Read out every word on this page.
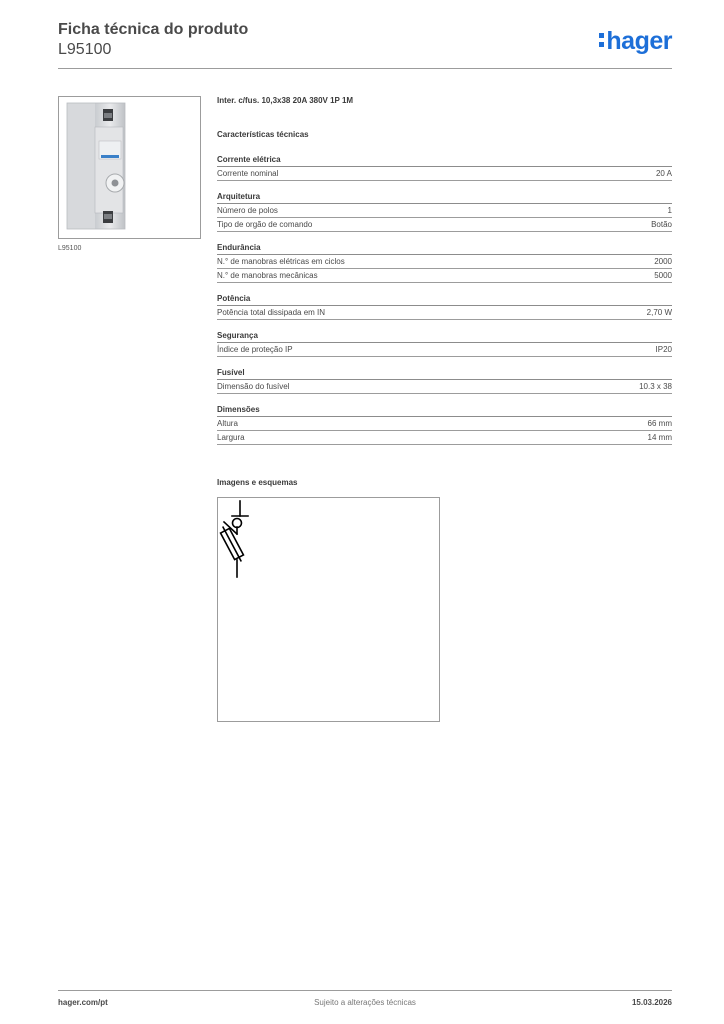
Ficha técnica do produto
L95100	hager
L95100
Inter. c/fus. 10,3x38 20A 380V 1P 1M
Características técnicas
Corrente elétrica
Corrente nominal	20 A
Arquitetura
Número de polos	1
Tipo de orgão de comando	Botão
Endurância
N.° de manobras elétricas em ciclos	2000
N.° de manobras mecânicas	5000
Potência
Potência total dissipada em IN	2,70 W
Segurança
Índice de proteção IP	IP20
Fusível
Dimensão do fusível	10.3 x 38
Dimensões
Altura	66 mm
Largura	14 mm
Imagens e esquemas
hager.com/pt	Sujeito a alterações técnicas	15.03.2026
